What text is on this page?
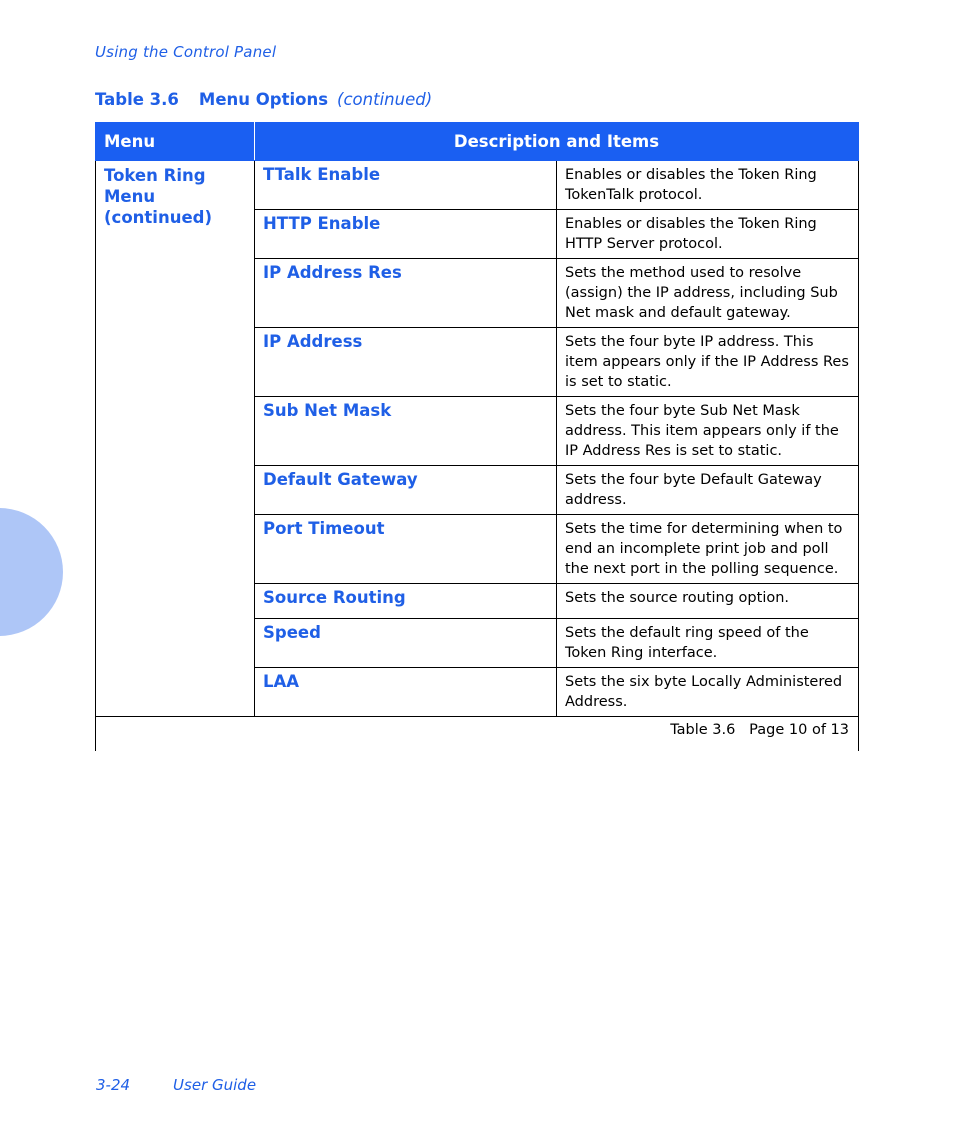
Using the Control Panel
Table 3.6 Menu Options (continued)
Menu	Description and Items	
Token Ring Menu (continued)	TTalk Enable	Enables or disables the Token Ring TokenTalk protocol.
	HTTP Enable	Enables or disables the Token Ring HTTP Server protocol.
	IP Address Res	Sets the method used to resolve (assign) the IP address, including Sub Net mask and default gateway.
	IP Address	Sets the four byte IP address. This item appears only if the IP Address Res is set to static.
	Sub Net Mask	Sets the four byte Sub Net Mask address. This item appears only if the IP Address Res is set to static.
	Default Gateway	Sets the four byte Default Gateway address.
	Port Timeout	Sets the time for determining when to end an incomplete print job and poll the next port in the polling sequence.
	Source Routing	Sets the source routing option.
	Speed	Sets the default ring speed of the Token Ring interface.
	LAA	Sets the six byte Locally Administered Address.
Table 3.6   Page 10 of 13		
3-24	User Guide
